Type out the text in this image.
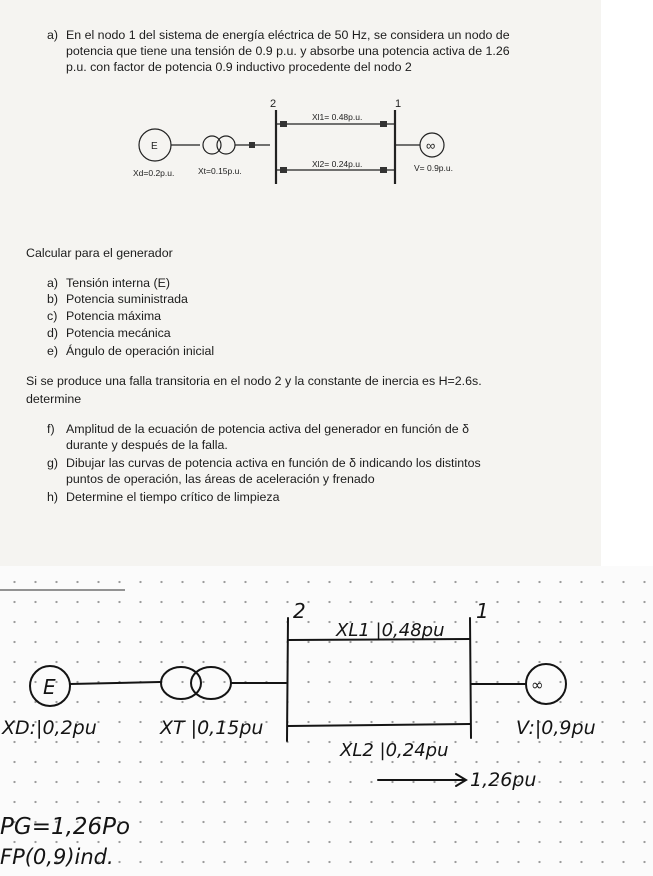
a) En el nodo 1 del sistema de energía eléctrica de 50 Hz, se considera un nodo de
potencia que tiene una tensión de 0.9 p.u. y absorbe una potencia activa de 1.26
p.u. con factor de potencia 0.9 inductivo procedente del nodo 2
2	1
E	∞
Xd=0.2p.u.	Xt=0.15p.u.
Xl1= 0.48p.u.
Xl2= 0.24p.u.	V= 0.9p.u.
Calcular para el generador
a) Tensión interna (E)
b) Potencia suministrada
c) Potencia máxima
d) Potencia mecánica
e) Ángulo de operación inicial
Si se produce una falla transitoria en el nodo 2 y la constante de inercia es H=2.6s.
determine
f) Amplitud de la ecuación de potencia activa del generador en función de δ
durante y después de la falla.
g) Dibujar las curvas de potencia activa en función de δ indicando los distintos
puntos de operación, las áreas de aceleración y frenado
h) Determine el tiempo crítico de limpieza
2	1
XL1 |0,48pu
E	∞
XD:|0,2pu	XT |0,15pu	V:|0,9pu
XL2 |0,24pu
1,26pu
PG=1,26Po
FP(0,9)ind.
